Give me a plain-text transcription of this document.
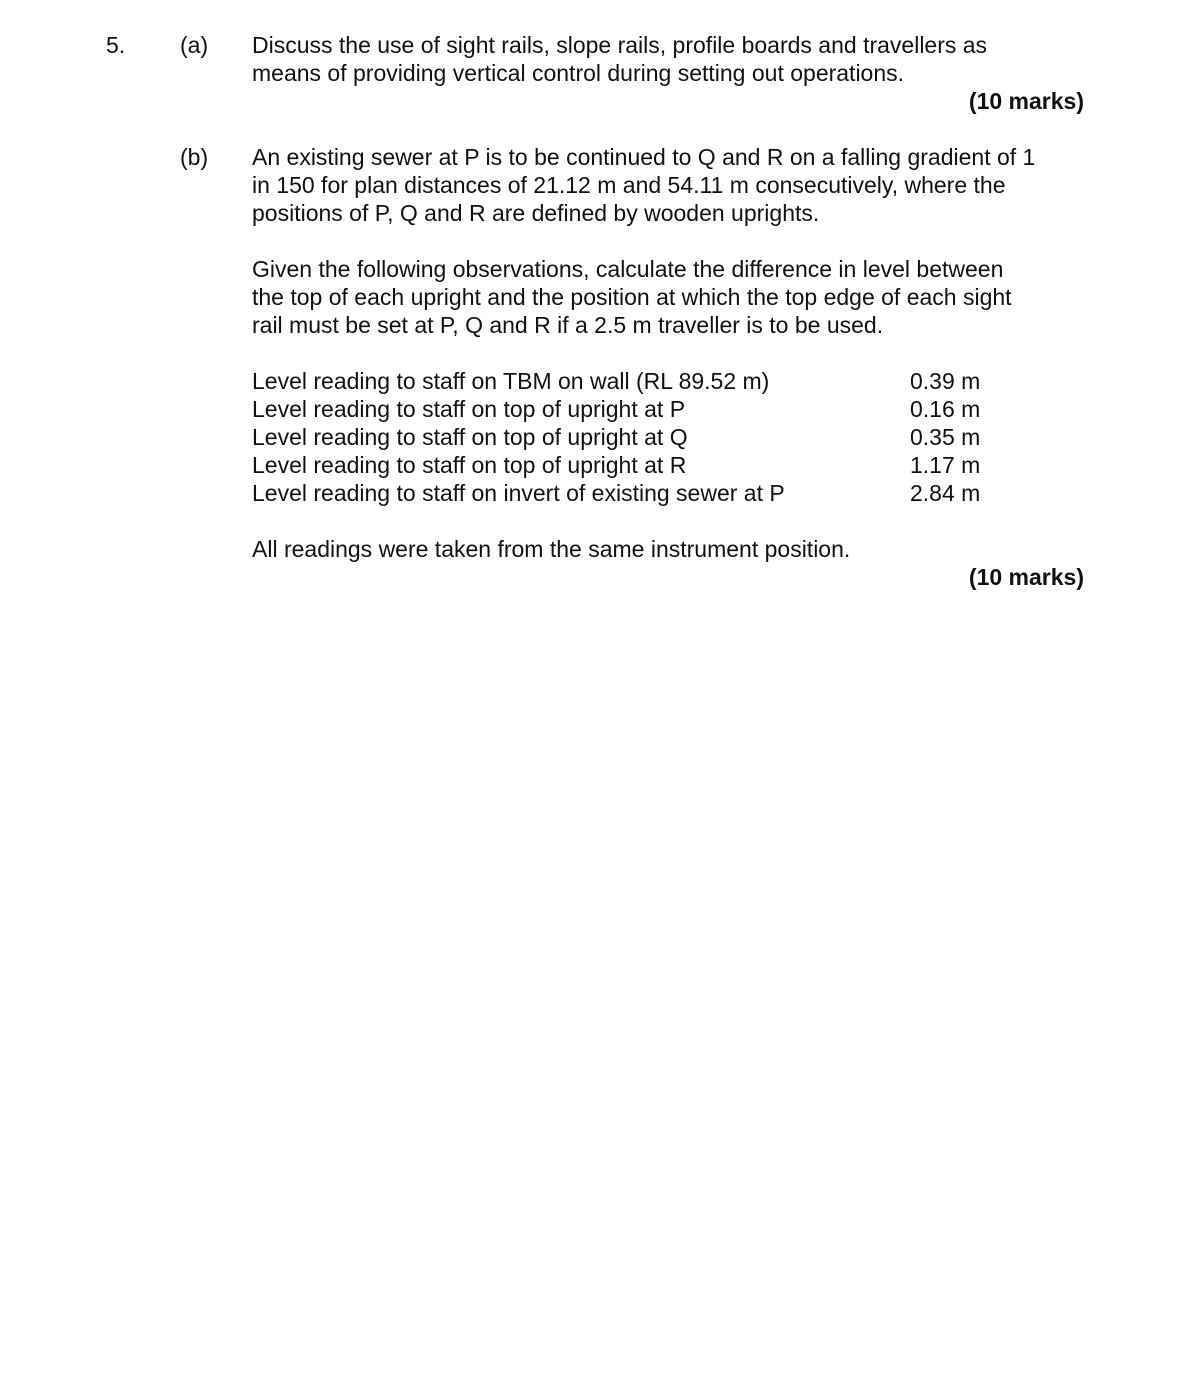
5. (a) Discuss the use of sight rails, slope rails, profile boards and travellers as

means of providing vertical control during setting out operations.

(10 marks)
(b) An existing sewer at P is to be continued to Q and R on a falling gradient of 1

in 150 for plan distances of 21.12 m and 54.11 m consecutively, where the

positions of P, Q and R are defined by wooden uprights.

Given the following observations, calculate the difference in level between

the top of each upright and the position at which the top edge of each sight

rail must be set at P, Q and R if a 2.5 m traveller is to be used.

Level reading to staff on TBM on wall (RL 89.52 m)	0.39 m
Level reading to staff on top of upright at P	0.16 m
Level reading to staff on top of upright at Q	0.35 m
Level reading to staff on top of upright at R	1.17 m
Level reading to staff on invert of existing sewer at P	2.84 m
All readings were taken from the same instrument position.
(10 marks)
